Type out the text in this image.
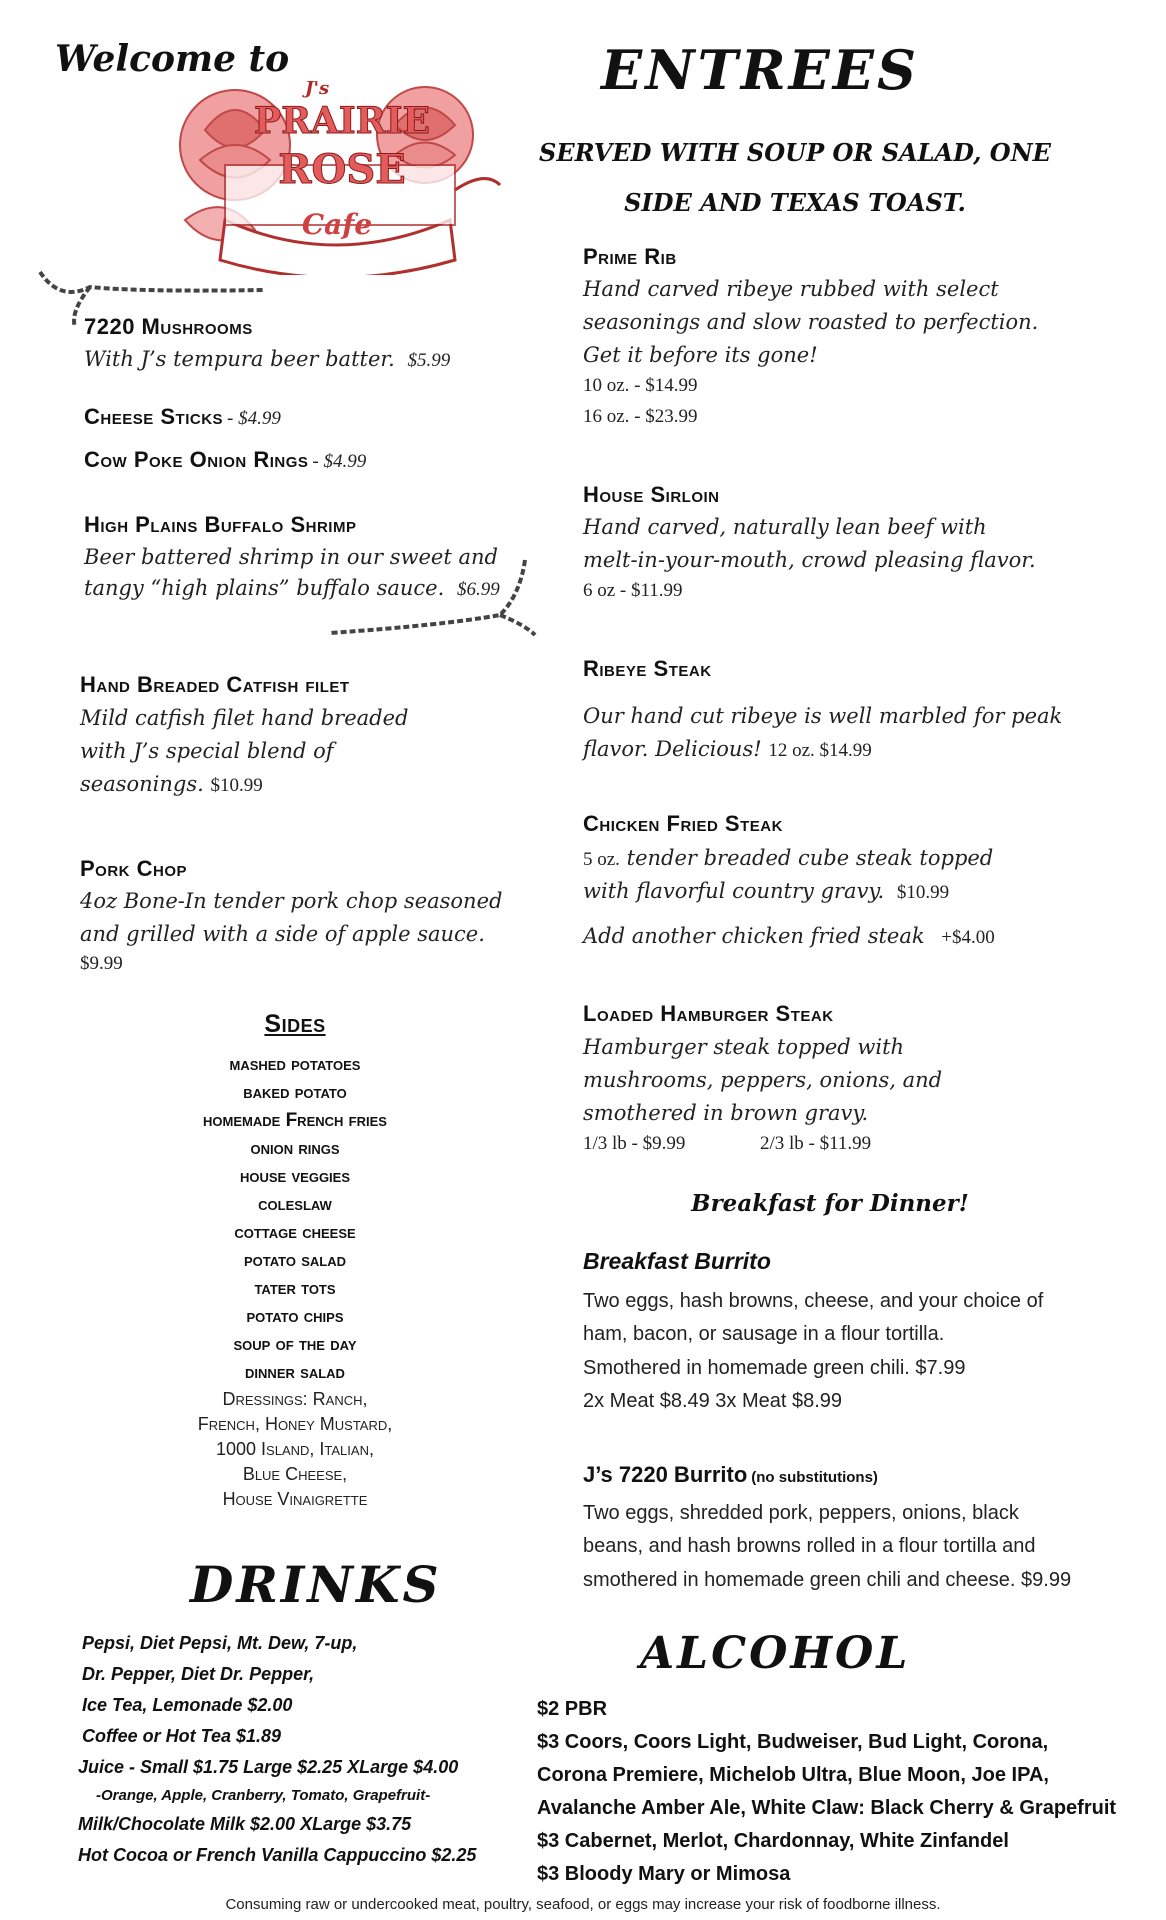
Welcome to
J's
PRAIRIE
ROSE
Cafe
7220 Mushrooms
With J’s tempura beer batter. $5.99
Cheese Sticks - $4.99
Cow Poke Onion Rings - $4.99
High Plains Buffalo Shrimp
Beer battered shrimp in our sweet and
tangy “high plains” buffalo sauce. $6.99
Hand Breaded Catfish filet
Mild catfish filet hand breaded
with J’s special blend of
seasonings. $10.99
Pork Chop
4oz Bone-In tender pork chop seasoned
and grilled with a side of apple sauce.
$9.99
Sides
mashed potatoes
baked potato
homemade French fries
onion rings
house veggies
coleslaw
cottage cheese
potato salad
tater tots
potato chips
soup of the day
dinner salad
Dressings: Ranch,
French, Honey Mustard,
1000 Island, Italian,
Blue Cheese,
House Vinaigrette
DRINKS
Pepsi, Diet Pepsi, Mt. Dew, 7-up,
Dr. Pepper, Diet Dr. Pepper,
Ice Tea, Lemonade $2.00
Coffee or Hot Tea $1.89
Juice - Small $1.75 Large $2.25 XLarge $4.00
-Orange, Apple, Cranberry, Tomato, Grapefruit-
Milk/Chocolate Milk $2.00 XLarge $3.75
Hot Cocoa or French Vanilla Cappuccino $2.25
ENTREES
SERVED WITH SOUP OR SALAD, ONE
SIDE AND TEXAS TOAST.
Prime Rib
Hand carved ribeye rubbed with select
seasonings and slow roasted to perfection.
Get it before its gone!
10 oz. - $14.99
16 oz. - $23.99
House Sirloin
Hand carved, naturally lean beef with
melt-in-your-mouth, crowd pleasing flavor.
6 oz - $11.99
Ribeye Steak
Our hand cut ribeye is well marbled for peak
flavor. Delicious! 12 oz. $14.99
Chicken Fried Steak
5 oz. tender breaded cube steak topped
with flavorful country gravy. $10.99
Add another chicken fried steak +$4.00
Loaded Hamburger Steak
Hamburger steak topped with
mushrooms, peppers, onions, and
smothered in brown gravy.
1/3 lb - $9.99	2/3 lb - $11.99
Breakfast for Dinner!
Breakfast Burrito
Two eggs, hash browns, cheese, and your choice of
ham, bacon, or sausage in a flour tortilla.
Smothered in homemade green chili. $7.99
2x Meat $8.49 3x Meat $8.99
J’s 7220 Burrito (no substitutions)
Two eggs, shredded pork, peppers, onions, black
beans, and hash browns rolled in a flour tortilla and
smothered in homemade green chili and cheese. $9.99
ALCOHOL
$2 PBR
$3 Coors, Coors Light, Budweiser, Bud Light, Corona,
Corona Premiere, Michelob Ultra, Blue Moon, Joe IPA,
Avalanche Amber Ale, White Claw: Black Cherry & Grapefruit
$3 Cabernet, Merlot, Chardonnay, White Zinfandel
$3 Bloody Mary or Mimosa
Consuming raw or undercooked meat, poultry, seafood, or eggs may increase your risk of foodborne illness.
